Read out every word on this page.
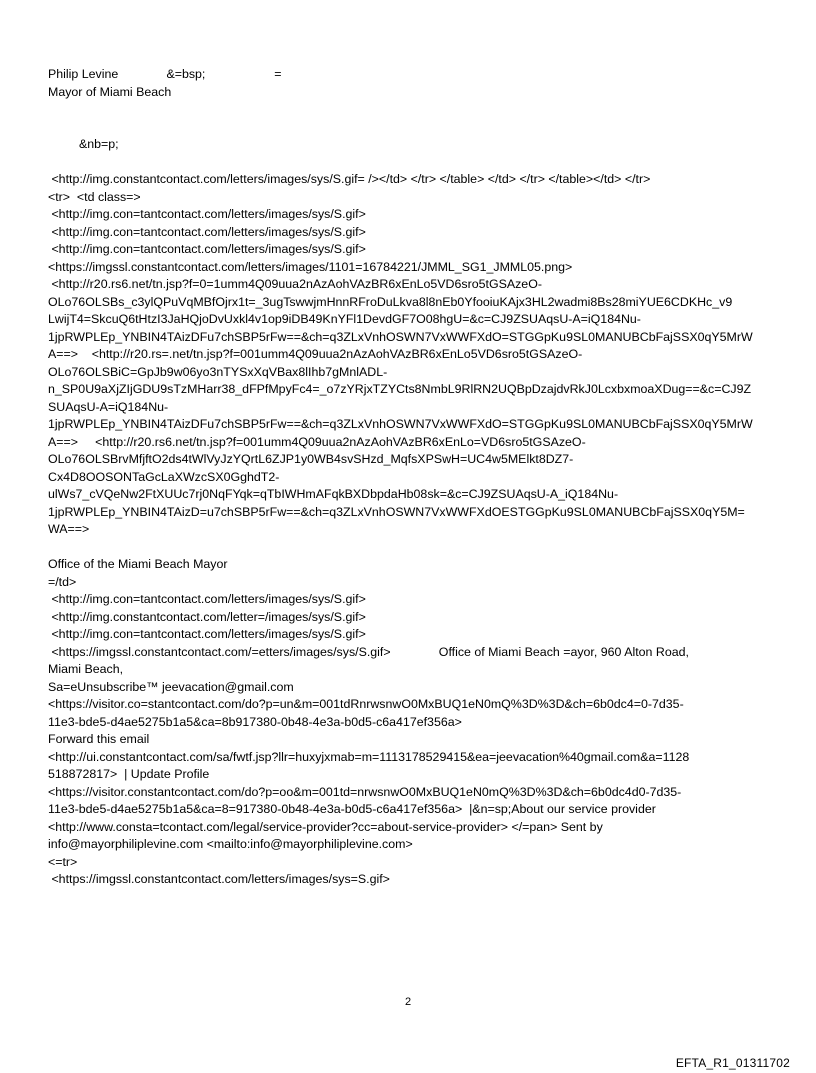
Philip Levine              &=bsp;                    =
Mayor of Miami Beach
&nb=p;
<http://img.constantcontact.com/letters/images/sys/S.gif= /></td> </tr> </table> </td> </tr> </table></td> </tr>
<tr>  <td class=>
<http://img.con=tantcontact.com/letters/images/sys/S.gif>
<http://img.con=tantcontact.com/letters/images/sys/S.gif>
<http://img.con=tantcontact.com/letters/images/sys/S.gif>
<https://imgssl.constantcontact.com/letters/images/1101=16784221/JMML_SG1_JMML05.png>
<http://r20.rs6.net/tn.jsp?f=0=1umm4Q09uua2nAzAohVAzBR6xEnLo5VD6sro5tGSAzeO-
OLo76OLSBs_c3ylQPuVqMBfOjrx1t=_3ugTswwjmHnnRFroDuLkva8l8nEb0YfooiuKAjx3HL2wadmi8Bs28miYUE6CDKHc_v9
LwijT4=SkcuQ6tHtzI3JaHQjoDvUxkl4v1op9iDB49KnYFl1DevdGF7O08hgU=&c=CJ9ZSUAqsU-A=iQ184Nu-
1jpRWPLEp_YNBIN4TAizDFu7chSBP5rFw==&ch=q3ZLxVnhOSWN7VxWWFXdO=STGGpKu9SL0MANUBCbFajSSX0qY5MrW
A==>    <http://r20.rs=.net/tn.jsp?f=001umm4Q09uua2nAzAohVAzBR6xEnLo5VD6sro5tGSAzeO-
OLo76OLSBiC=GpJb9w06yo3nTYSxXqVBax8lIhb7gMnlADL-
n_SP0U9aXjZIjGDU9sTzMHarr38_dFPfMpyFc4=_o7zYRjxTZYCts8NmbL9RlRN2UQBpDzajdvRkJ0LcxbxmoaXDug==&c=CJ9Z
SUAqsU-A=iQ184Nu-
1jpRWPLEp_YNBIN4TAizDFu7chSBP5rFw==&ch=q3ZLxVnhOSWN7VxWWFXdO=STGGpKu9SL0MANUBCbFajSSX0qY5MrW
A==>     <http://r20.rs6.net/tn.jsp?f=001umm4Q09uua2nAzAohVAzBR6xEnLo=VD6sro5tGSAzeO-
OLo76OLSBrvMfjftO2ds4tWlVyJzYQrtL6ZJP1y0WB4svSHzd_MqfsXPSwH=UC4w5MElkt8DZ7-
Cx4D8OOSONTaGcLaXWzcSX0GghdT2-
ulWs7_cVQeNw2FtXUUc7rj0NqFYqk=qTbIWHmAFqkBXDbpdaHb08sk=&c=CJ9ZSUAqsU-A_iQ184Nu-
1jpRWPLEp_YNBIN4TAizD=u7chSBP5rFw==&ch=q3ZLxVnhOSWN7VxWWFXdOESTGGpKu9SL0MANUBCbFajSSX0qY5M=
WA==>
Office of the Miami Beach Mayor
=/td>
<http://img.con=tantcontact.com/letters/images/sys/S.gif>
<http://img.constantcontact.com/letter=/images/sys/S.gif>
<http://img.con=tantcontact.com/letters/images/sys/S.gif>
<https://imgssl.constantcontact.com/=etters/images/sys/S.gif>              Office of Miami Beach =ayor, 960 Alton Road,
Miami Beach,
Sa=eUnsubscribe™ jeevacation@gmail.com
<https://visitor.co=stantcontact.com/do?p=un&m=001tdRnrwsnwO0MxBUQ1eN0mQ%3D%3D&ch=6b0dc4=0-7d35-
11e3-bde5-d4ae5275b1a5&ca=8b917380-0b48-4e3a-b0d5-c6a417ef356a>
Forward this email
<http://ui.constantcontact.com/sa/fwtf.jsp?llr=huxyjxmab=m=1113178529415&ea=jeevacation%40gmail.com&a=1128
518872817>  | Update Profile
<https://visitor.constantcontact.com/do?p=oo&m=001td=nrwsnwO0MxBUQ1eN0mQ%3D%3D&ch=6b0dc4d0-7d35-
11e3-bde5-d4ae5275b1a5&ca=8=917380-0b48-4e3a-b0d5-c6a417ef356a>  |&n=sp;About our service provider
<http://www.consta=tcontact.com/legal/service-provider?cc=about-service-provider> </=pan> Sent by
info@mayorphiliplevine.com <mailto:info@mayorphiliplevine.com>
<=tr>
<https://imgssl.constantcontact.com/letters/images/sys=S.gif>
2
EFTA_R1_01311702
